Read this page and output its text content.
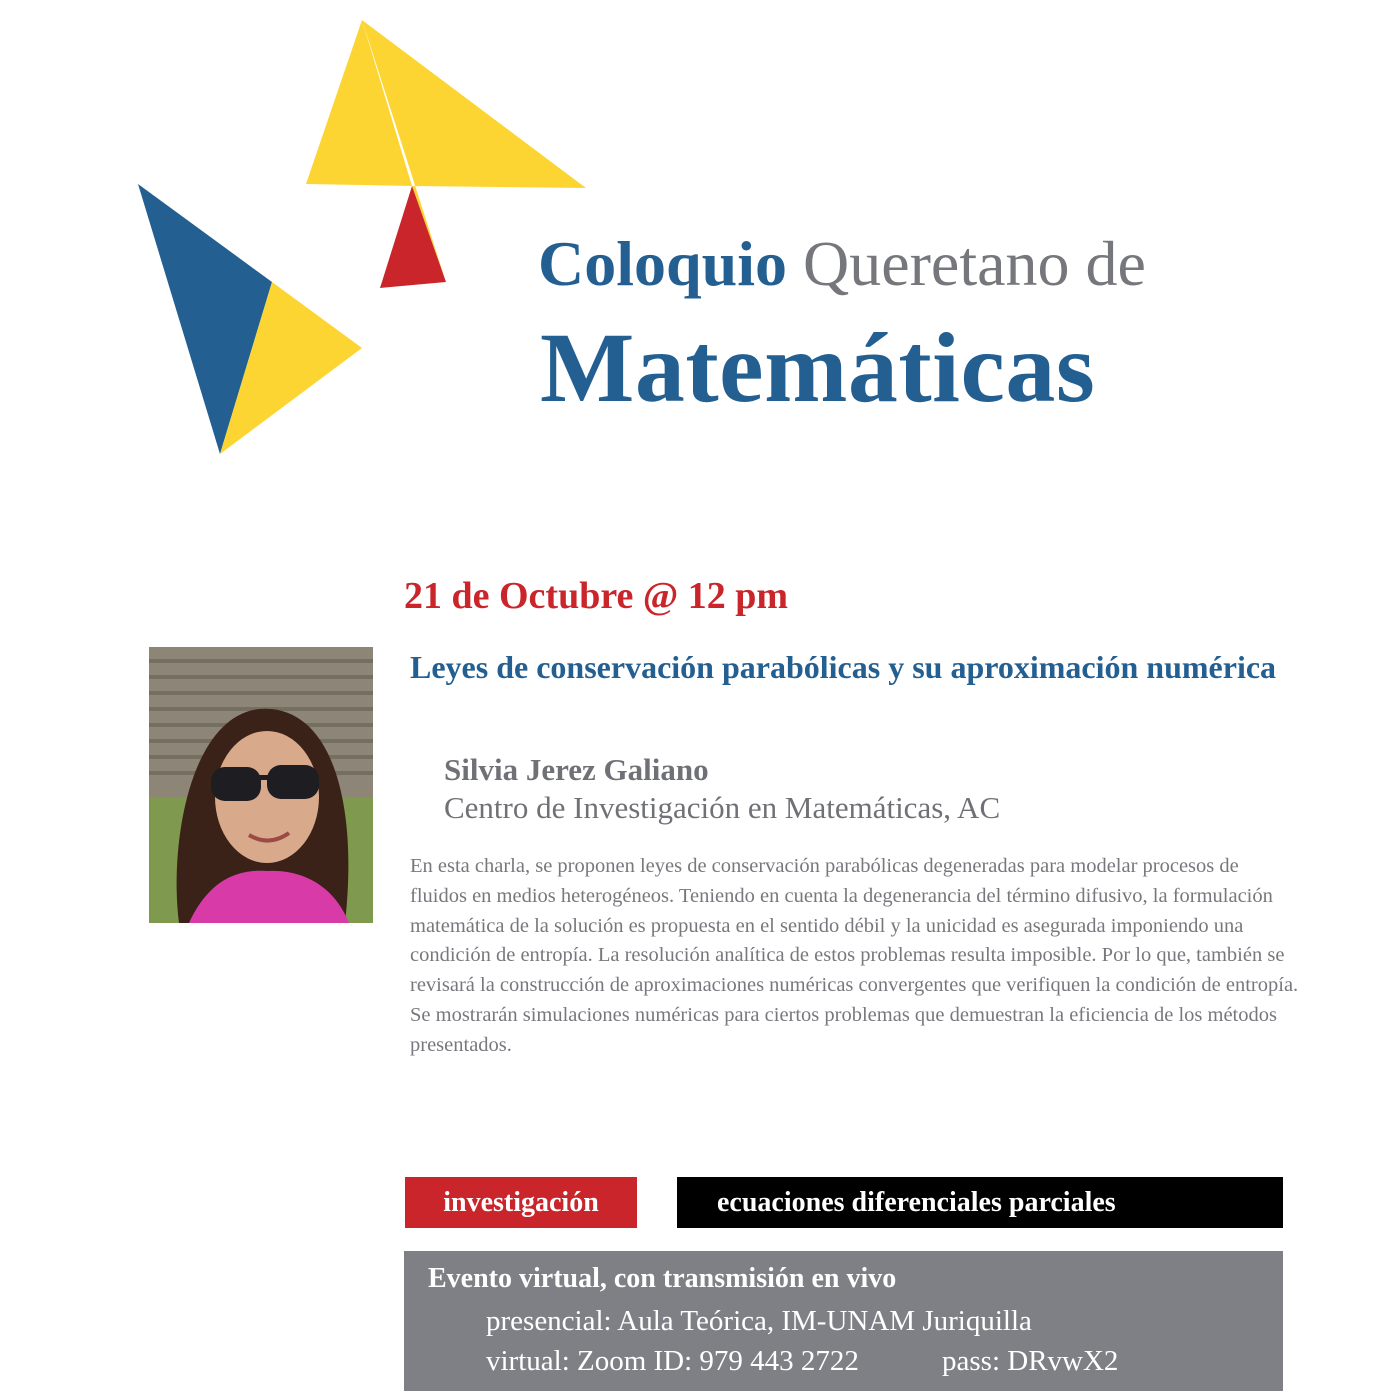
Coloquio Queretano de
Matemáticas
21 de Octubre @ 12 pm
Leyes de conservación parabólicas y su aproximación numérica
Silvia Jerez Galiano
Centro de Investigación en Matemáticas, AC
En esta charla, se proponen leyes de conservación parabólicas degeneradas para modelar procesos de fluidos en medios heterogéneos. Teniendo en cuenta la degenerancia del término difusivo, la formulación matemática de la solución es propuesta en el sentido débil y la unicidad es asegurada imponiendo una condición de entropía. La resolución analítica de estos problemas resulta imposible. Por lo que, también se revisará la construcción de aproximaciones numéricas convergentes que verifiquen la condición de entropía. Se mostrarán simulaciones numéricas para ciertos problemas que demuestran la eficiencia de los métodos presentados.
investigación	ecuaciones diferenciales parciales
Evento virtual, con transmisión en vivo
presencial: Aula Teórica, IM-UNAM Juriquilla
virtual: Zoom ID: 979 443 2722	pass: DRvwX2
